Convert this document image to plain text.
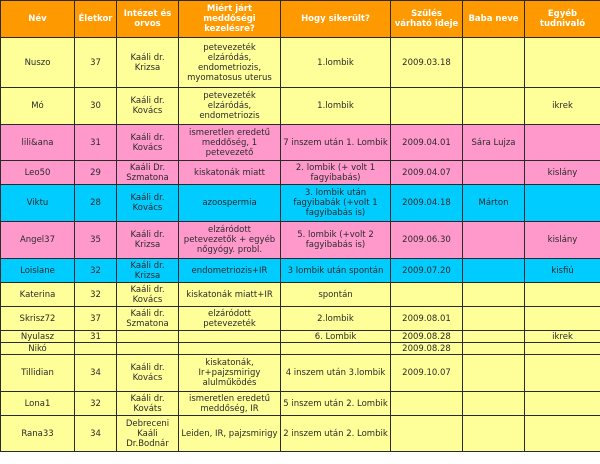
Név	Életkor	Intézet és orvos	Miért járt meddőségi kezelésre?	Hogy sikerült?	Szülés várható ideje	Baba neve	Egyéb tudnivaló
Nuszo	37	Kaáli dr. Krizsa	petevezeték elzáródás, endometriozis, myomatosus uterus	1.lombik	2009.03.18		
Mó	30	Kaáli dr. Kovács	petevezeték elzáródás, endometriozis	1.lombik			ikrek
lili&ana	31	Kaáli dr. Kovács	ismeretlen eredetű meddőség, 1 petevezető	7 inszem után 1. Lombik	2009.04.01	Sára Lujza	
Leo50	29	Kaáli Dr. Szmatona	kiskatonák miatt	2. lombik (+ volt 1 fagyibabás)	2009.04.07		kislány
Viktu	28	Kaáli dr. Kovács	azoospermia	3. lombik után fagyibabák (+volt 1 fagyibabás is)	2009.04.18	Márton	
Angel37	35	Kaáli dr. Krizsa	elzáródott petevezetők + egyéb nőgyógy. probl.	5. lombik (+volt 2 fagyibabás is)	2009.06.30		kislány
Loislane	32	Kaáli dr. Krizsa	endometriozis+IR	3 lombik után spontán	2009.07.20		kisfiú
Katerina	32	Kaáli dr. Kovács	kiskatonák miatt+IR	spontán			
Skrisz72	37	Kaáli dr. Szmatona	elzáródott petevezeték	2.lombik	2009.08.01		
Nyulasz	31			6. Lombik	2009.08.28		ikrek
Nikó					2009.08.28		
Tillidian	34	Kaáli dr. Kovács	kiskatonák, Ir+pajzsmirigy alulműködés	4 inszem után 3.lombik	2009.10.07		
Lona1	32	Kaáli dr. Kováts	ismeretlen eredetű meddőség, IR	5 inszem után 2. Lombik			
Rana33	34	Debreceni Kaáli Dr.Bodnár	Leiden, IR, pajzsmirigy	2 inszem után 2. Lombik			
